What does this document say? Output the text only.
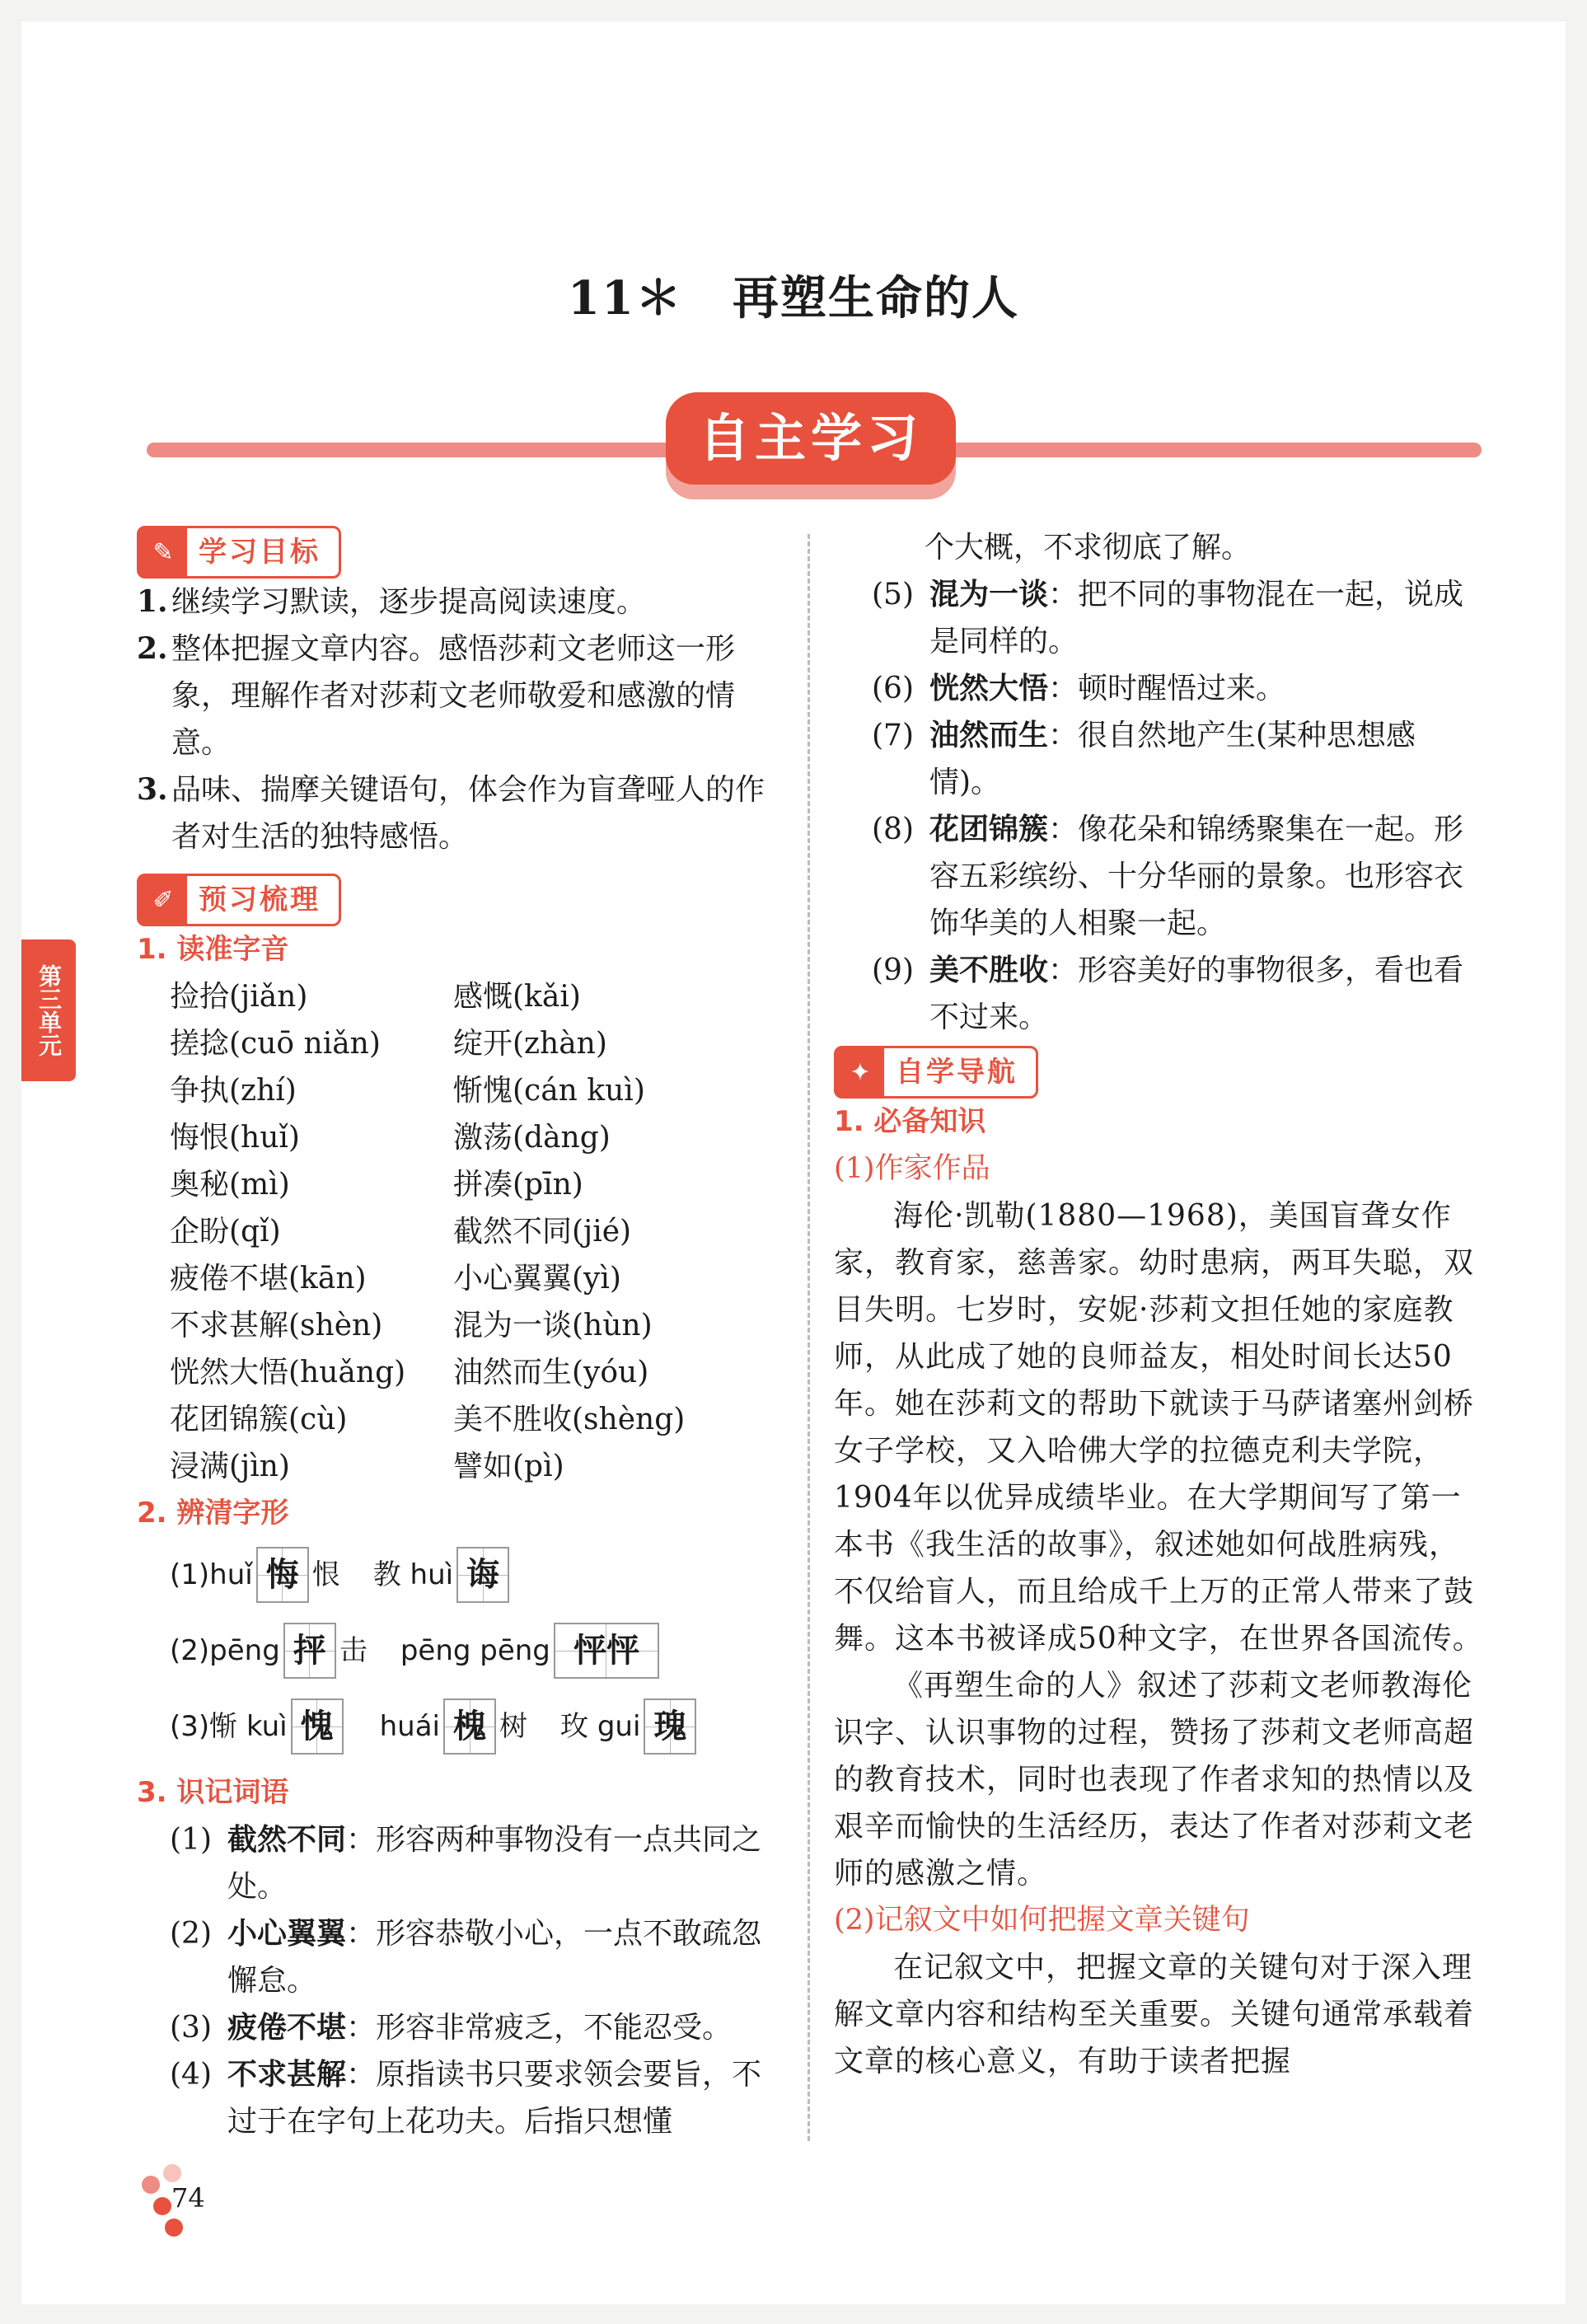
11＊ 再塑生命的人
自主学习
第三单元
✎ 学习目标
1. 继续学习默读，逐步提高阅读速度。
2. 整体把握文章内容。感悟莎莉文老师这一形象，理解作者对莎莉文老师敬爱和感激的情意。
3. 品味、揣摩关键语句，体会作为盲聋哑人的作者对生活的独特感悟。
✐ 预习梳理
1. 读准字音
捡拾(jiǎn)	感慨(kǎi)
搓捻(cuō niǎn)	绽开(zhàn)
争执(zhí)	惭愧(cán kuì)
悔恨(huǐ)	激荡(dàng)
奥秘(mì)	拼凑(pīn)
企盼(qǐ)	截然不同(jié)
疲倦不堪(kān)	小心翼翼(yì)
不求甚解(shèn)	混为一谈(hùn)
恍然大悟(huǎng)	油然而生(yóu)
花团锦簇(cù)	美不胜收(shèng)
浸满(jìn)	譬如(pì)
2. 辨清字形
(1) huǐ 悔 恨 教 huì 诲
(2) pēng 抨 击 pēng pēng 怦怦
(3) 惭 kuì 愧	huái 槐 树 玫 gui 瑰
3. 识记词语
(1) 截然不同：形容两种事物没有一点共同之处。
(2) 小心翼翼：形容恭敬小心，一点不敢疏忽懈怠。
(3) 疲倦不堪：形容非常疲乏，不能忍受。
(4) 不求甚解：原指读书只要求领会要旨，不过于在字句上花功夫。后指只想懂
个大概，不求彻底了解。
(5) 混为一谈：把不同的事物混在一起，说成是同样的。
(6) 恍然大悟：顿时醒悟过来。
(7) 油然而生：很自然地产生(某种思想感情)。
(8) 花团锦簇：像花朵和锦绣聚集在一起。形容五彩缤纷、十分华丽的景象。也形容衣饰华美的人相聚一起。
(9) 美不胜收：形容美好的事物很多，看也看不过来。
✦ 自学导航
1. 必备知识
(1)作家作品
海伦·凯勒(1880—1968)，美国盲聋女作家，教育家，慈善家。幼时患病，两耳失聪，双目失明。七岁时，安妮·莎莉文担任她的家庭教师，从此成了她的良师益友，相处时间长达50年。她在莎莉文的帮助下就读于马萨诸塞州剑桥女子学校，又入哈佛大学的拉德克利夫学院，1904年以优异成绩毕业。在大学期间写了第一本书《我生活的故事》，叙述她如何战胜病残，不仅给盲人，而且给成千上万的正常人带来了鼓舞。这本书被译成50种文字，在世界各国流传。
《再塑生命的人》叙述了莎莉文老师教海伦识字、认识事物的过程，赞扬了莎莉文老师高超的教育技术，同时也表现了作者求知的热情以及艰辛而愉快的生活经历，表达了作者对莎莉文老师的感激之情。
(2)记叙文中如何把握文章关键句
在记叙文中，把握文章的关键句对于深入理解文章内容和结构至关重要。关键句通常承载着文章的核心意义，有助于读者把握
74
